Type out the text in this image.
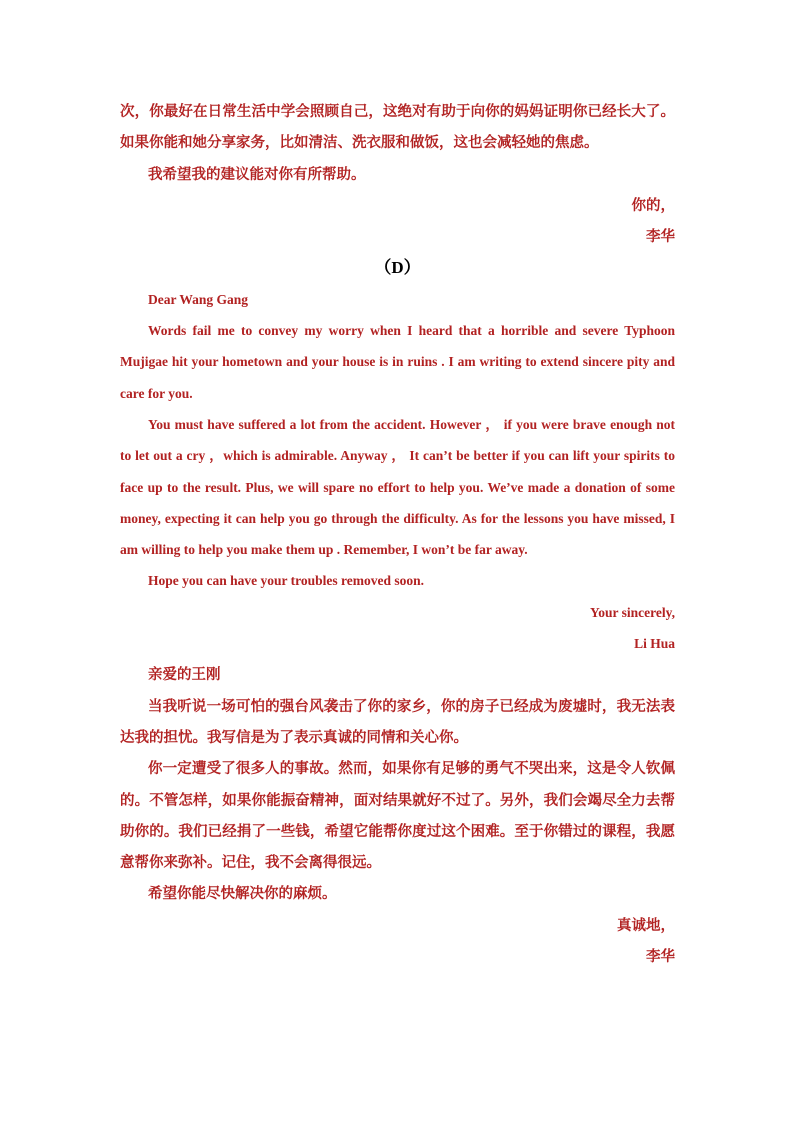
次，你最好在日常生活中学会照顾自己，这绝对有助于向你的妈妈证明你已经长大了。如果你能和她分享家务，比如清洁、洗衣服和做饭，这也会减轻她的焦虑。

我希望我的建议能对你有所帮助。

你的，

李华

（D）

Dear Wang Gang

Words fail me to convey my worry when I heard that a horrible and severe Typhoon Mujigae hit your hometown and your house is in ruins . I am writing to extend sincere pity and care for you.

You must have suffered a lot from the accident. However ， if you were brave enough not to let out a cry ，which is admirable. Anyway ， It can’t be better if you can lift your spirits to face up to the result. Plus, we will spare no effort to help you. We’ve made a donation of some money, expecting it can help you go through the difficulty. As for the lessons you have missed, I am willing to help you make them up . Remember, I won’t be far away.

Hope you can have your troubles removed soon.

Your sincerely,

Li Hua

亲爱的王刚

当我听说一场可怕的强台风袭击了你的家乡，你的房子已经成为废墟时，我无法表达我的担忧。我写信是为了表示真诚的同情和关心你。

你一定遭受了很多人的事故。然而，如果你有足够的勇气不哭出来，这是令人钦佩的。不管怎样，如果你能振奋精神，面对结果就好不过了。另外，我们会竭尽全力去帮助你的。我们已经捐了一些钱，希望它能帮你度过这个困难。至于你错过的课程，我愿意帮你来弥补。记住，我不会离得很远。

希望你能尽快解决你的麻烦。

真诚地，

李华
